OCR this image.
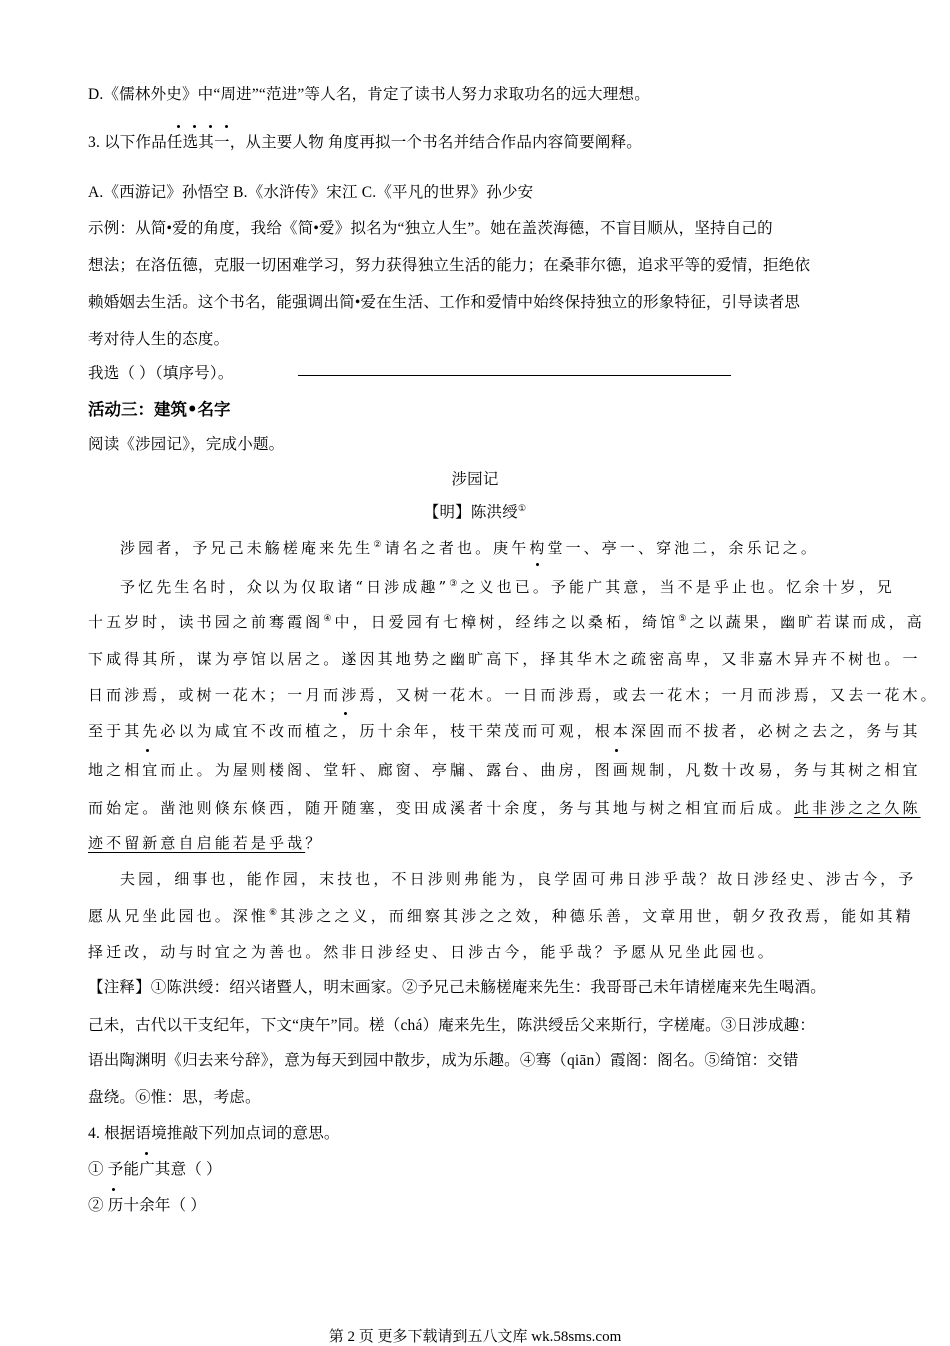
D.《儒林外史》中“周进”“范进”等人名，肯定了读书人努力求取功名的远大理想。
3. 以下作品任选其一，从主要人物 角度再拟一个书名并结合作品内容简要阐释。
A.《西游记》孙悟空 B.《水浒传》宋江 C.《平凡的世界》孙少安
示例：从简•爱的角度，我给《简•爱》拟名为“独立人生”。她在盖茨海德，不盲目顺从，坚持自己的
想法；在洛伍德，克服一切困难学习，努力获得独立生活的能力；在桑菲尔德，追求平等的爱情，拒绝依
赖婚姻去生活。这个书名，能强调出简•爱在生活、工作和爱情中始终保持独立的形象特征，引导读者思
考对待人生的态度。
我选（ ）（填序号）。
活动三：建筑•名字
阅读《涉园记》，完成小题。
涉园记
【明】陈洪绶①
涉园者，予兄己未觞槎庵来先生②请名之者也。庚午构堂一、亭一、穿池二，余乐记之。
予忆先生名时，众以为仅取诸“日涉成趣”③之义也已。予能广其意，当不是乎止也。忆余十岁，兄
十五岁时，读书园之前骞霞阁④中，日爱园有七樟树，经纬之以桑柘，绮馆⑤之以蔬果，幽旷若谋而成，高
下咸得其所，谋为亭馆以居之。遂因其地势之幽旷高下，择其华木之疏密高卑，又非嘉木异卉不树也。一
日而涉焉，或树一花木；一月而涉焉，又树一花木。一日而涉焉，或去一花木；一月而涉焉，又去一花木。
至于其先必以为咸宜不改而植之，历十余年，枝干荣茂而可观，根本深固而不拔者，必树之去之，务与其
地之相宜而止。为屋则楼阁、堂轩、廊窗、亭牖、露台、曲房，图画规制，凡数十改易，务与其树之相宜
而始定。凿池则倏东倏西，随开随塞，变田成溪者十余度，务与其地与树之相宜而后成。此非涉之之久陈
迹不留新意自启能若是乎哉？
夫园，细事也，能作园，末技也，不日涉则弗能为，良学固可弗日涉乎哉？故日涉经史、涉古今，予
愿从兄坐此园也。深惟⑥其涉之之义，而细察其涉之之效，种德乐善，文章用世，朝夕孜孜焉，能如其精
择迁改，动与时宜之为善也。然非日涉经史、日涉古今，能乎哉？予愿从兄坐此园也。
【注释】①陈洪绶：绍兴诸暨人，明末画家。②予兄己未觞槎庵来先生：我哥哥己未年请槎庵来先生喝酒。
己未，古代以干支纪年，下文“庚午”同。槎（chá）庵来先生，陈洪绶岳父来斯行，字槎庵。③日涉成趣：
语出陶渊明《归去来兮辞》，意为每天到园中散步，成为乐趣。④骞（qiān）霞阁：阁名。⑤绮馆：交错
盘绕。⑥惟：思，考虑。
4. 根据语境推敲下列加点词的意思。
① 予能广其意（ ）
② 历十余年（ ）
第 2 页 更多下载请到五八文库 wk.58sms.com
